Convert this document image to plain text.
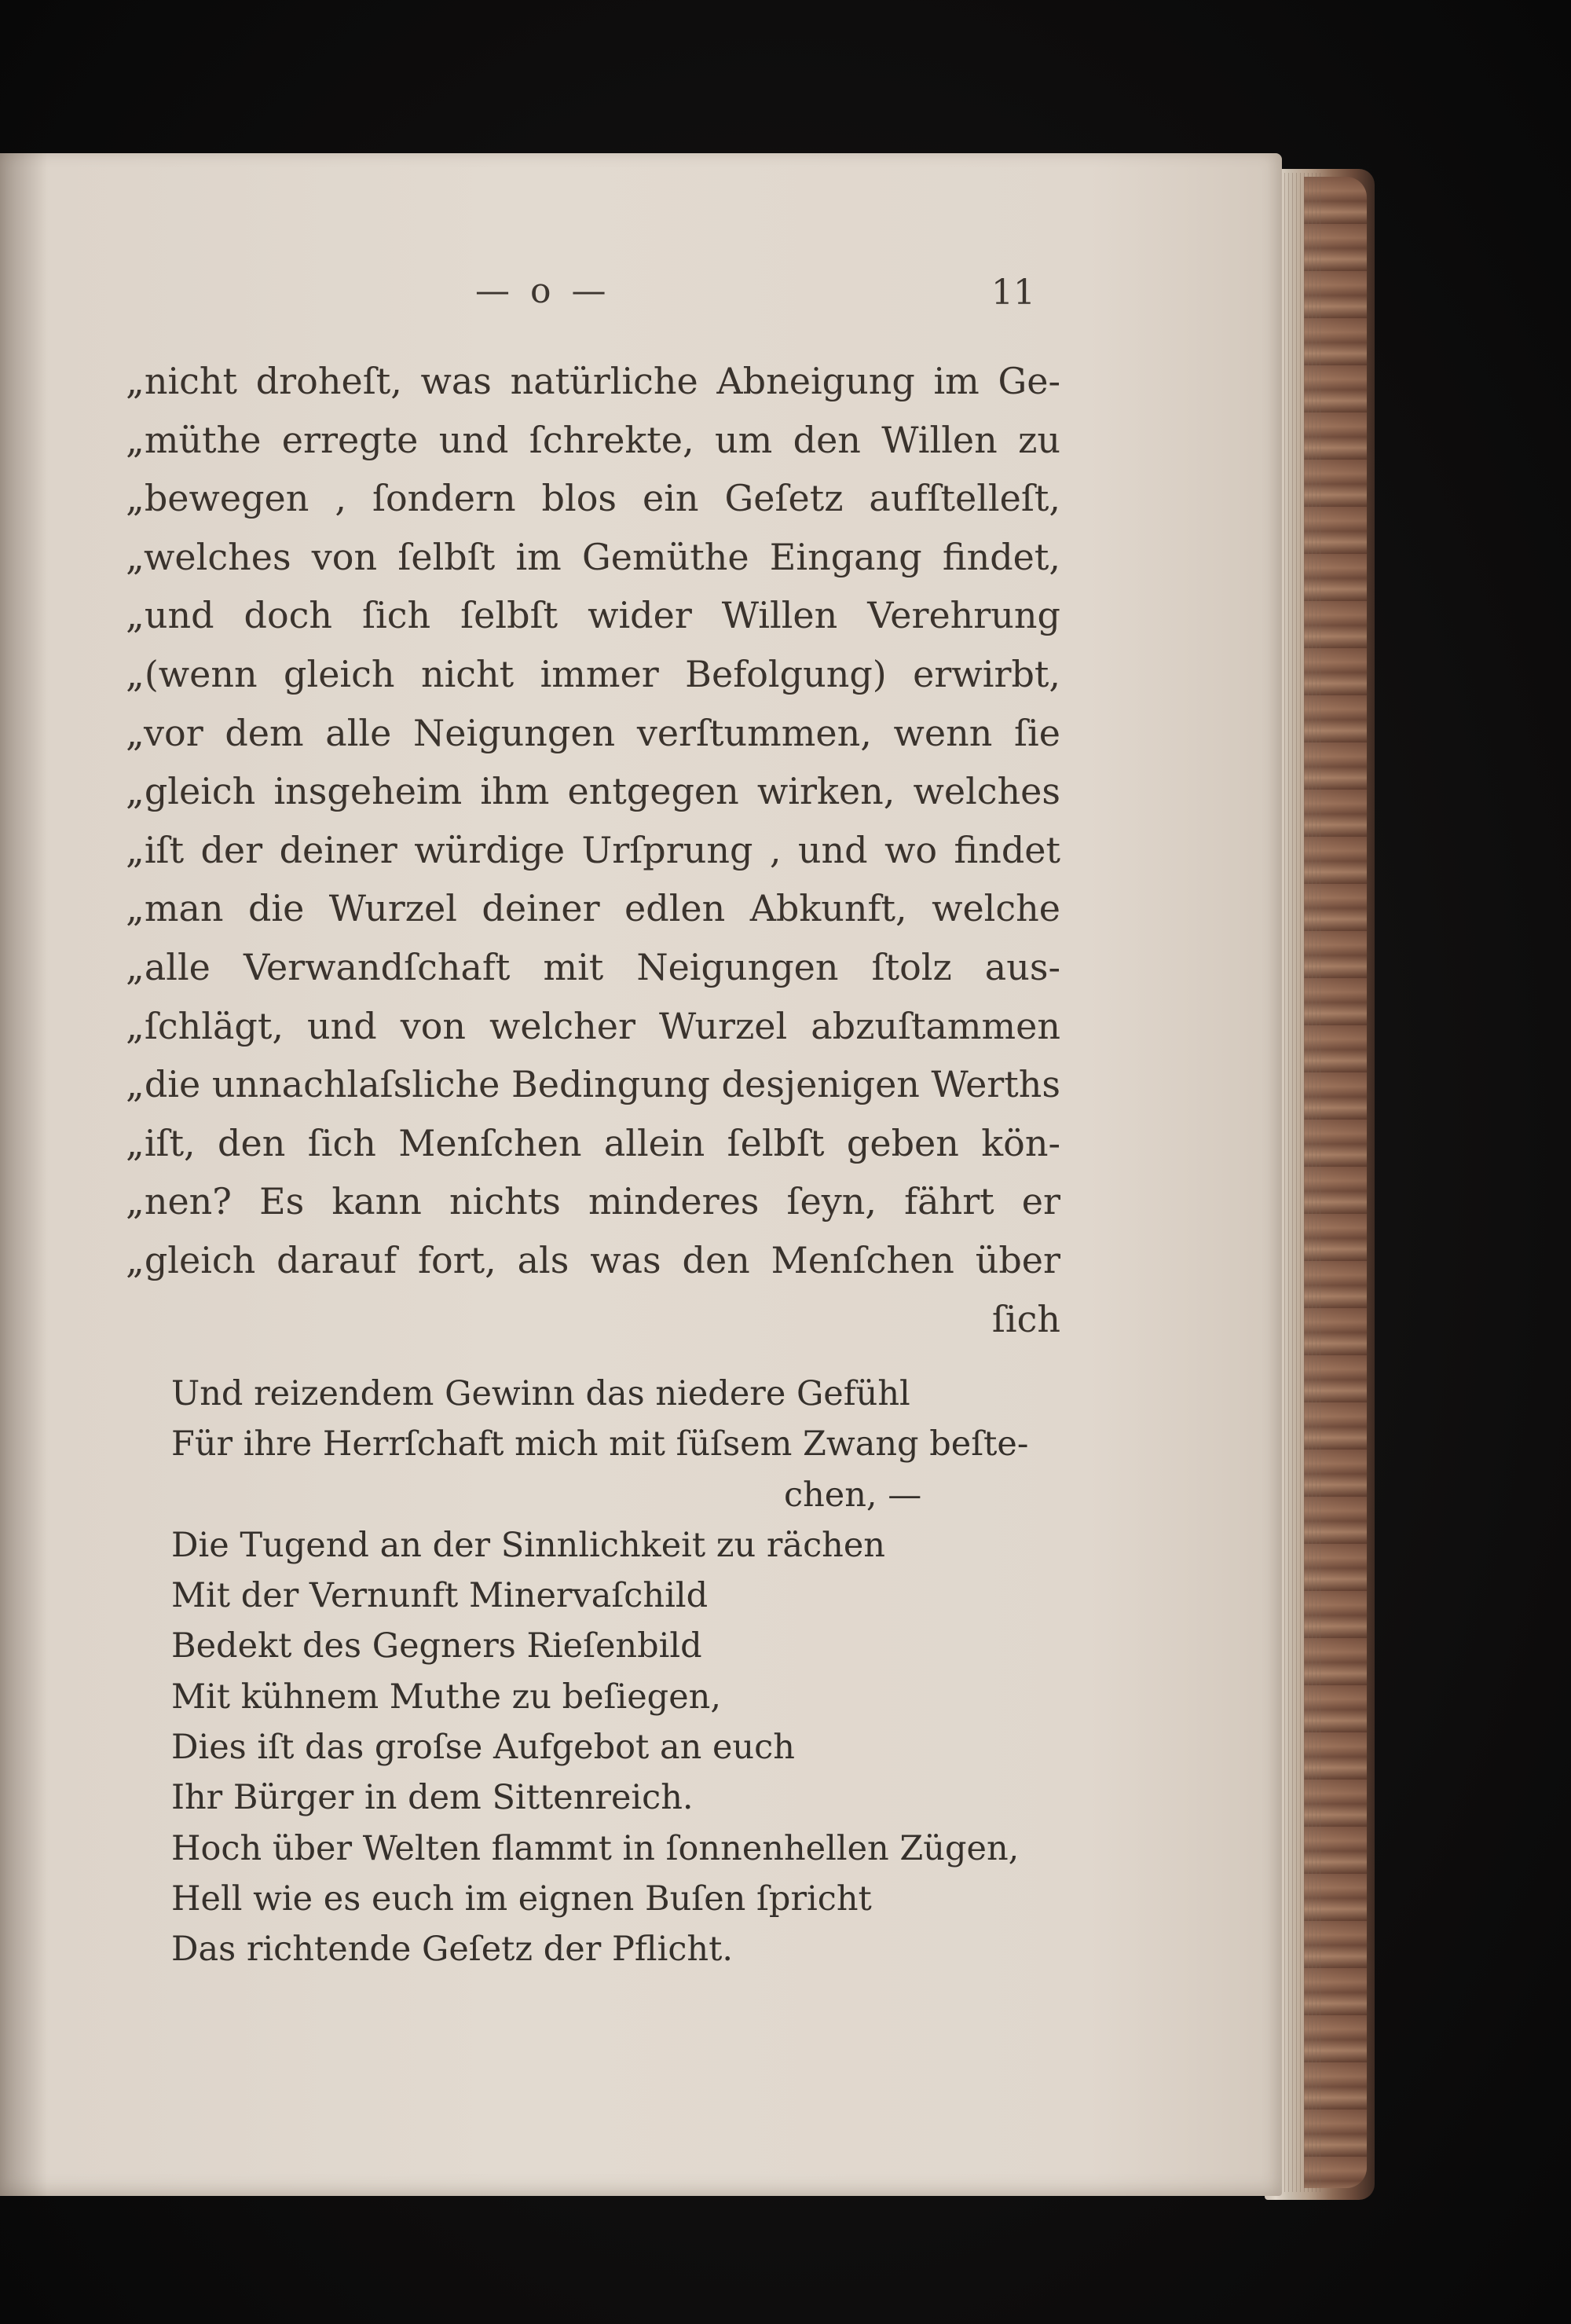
— o —	11
„nicht droheſt, was natürliche Abneigung im Ge-
„müthe erregte und ſchrekte, um den Willen zu
„bewegen , ſondern blos ein Geſetz aufſtelleſt,
„welches von ſelbſt im Gemüthe Eingang findet,
„und doch ſich ſelbſt wider Willen Verehrung
„(wenn gleich nicht immer Befolgung) erwirbt,
„vor dem alle Neigungen verſtummen, wenn ſie
„gleich insgeheim ihm entgegen wirken, welches
„iſt der deiner würdige Urſprung , und wo findet
„man die Wurzel deiner edlen Abkunft, welche
„alle Verwandſchaft mit Neigungen ſtolz aus-
„ſchlägt, und von welcher Wurzel abzuſtammen
„die unnachlaſsliche Bedingung desjenigen Werths
„iſt, den ſich Menſchen allein ſelbſt geben kön-
„nen? Es kann nichts minderes ſeyn, fährt er
„gleich darauf fort, als was den Menſchen über
ſich
Und reizendem Gewinn das niedere Gefühl
Für ihre Herrſchaft mich mit ſüſsem Zwang beſte-
chen, —
Die Tugend an der Sinnlichkeit zu rächen
Mit der Vernunft Minervaſchild
Bedekt des Gegners Rieſenbild
Mit kühnem Muthe zu beſiegen,
Dies iſt das groſse Aufgebot an euch
Ihr Bürger in dem Sittenreich.
Hoch über Welten flammt in ſonnenhellen Zügen,
Hell wie es euch im eignen Buſen ſpricht
Das richtende Geſetz der Pflicht.
